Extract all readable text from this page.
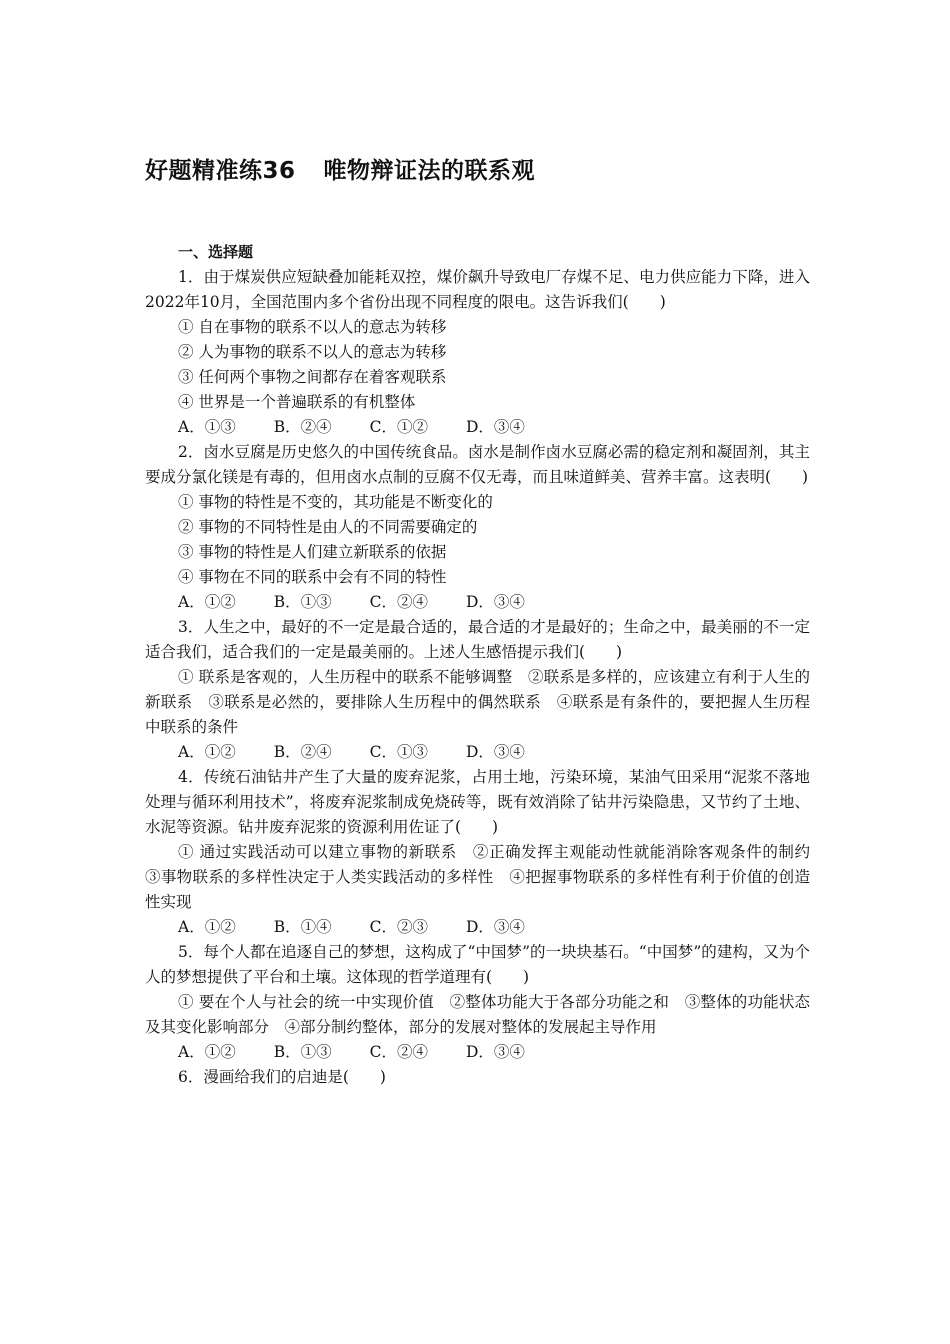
好题精准练36 唯物辩证法的联系观
一、选择题
1．由于煤炭供应短缺叠加能耗双控，煤价飙升导致电厂存煤不足、电力供应能力下降，进入2022年10月，全国范围内多个省份出现不同程度的限电。这告诉我们(　　)
① 自在事物的联系不以人的意志为转移
② 人为事物的联系不以人的意志为转移
③ 任何两个事物之间都存在着客观联系
④ 世界是一个普遍联系的有机整体
A．①③ B．②④ C．①② D．③④
2．卤水豆腐是历史悠久的中国传统食品。卤水是制作卤水豆腐必需的稳定剂和凝固剂，其主要成分氯化镁是有毒的，但用卤水点制的豆腐不仅无毒，而且味道鲜美、营养丰富。这表明(　　)
① 事物的特性是不变的，其功能是不断变化的
② 事物的不同特性是由人的不同需要确定的
③ 事物的特性是人们建立新联系的依据
④ 事物在不同的联系中会有不同的特性
A．①② B．①③ C．②④ D．③④
3．人生之中，最好的不一定是最合适的，最合适的才是最好的；生命之中，最美丽的不一定适合我们，适合我们的一定是最美丽的。上述人生感悟提示我们(　　)
① 联系是客观的，人生历程中的联系不能够调整　②联系是多样的，应该建立有利于人生的新联系　③联系是必然的，要排除人生历程中的偶然联系　④联系是有条件的，要把握人生历程中联系的条件
A．①② B．②④ C．①③ D．③④
4．传统石油钻井产生了大量的废弃泥浆，占用土地，污染环境，某油气田采用“泥浆不落地处理与循环利用技术”，将废弃泥浆制成免烧砖等，既有效消除了钻井污染隐患，又节约了土地、水泥等资源。钻井废弃泥浆的资源利用佐证了(　　)
① 通过实践活动可以建立事物的新联系　②正确发挥主观能动性就能消除客观条件的制约　③事物联系的多样性决定于人类实践活动的多样性　④把握事物联系的多样性有利于价值的创造性实现
A．①② B．①④ C．②③ D．③④
5．每个人都在追逐自己的梦想，这构成了“中国梦”的一块块基石。“中国梦”的建构，又为个人的梦想提供了平台和土壤。这体现的哲学道理有(　　)
① 要在个人与社会的统一中实现价值　②整体功能大于各部分功能之和　③整体的功能状态及其变化影响部分　④部分制约整体，部分的发展对整体的发展起主导作用
A．①② B．①③ C．②④ D．③④
6．漫画给我们的启迪是(　　)
